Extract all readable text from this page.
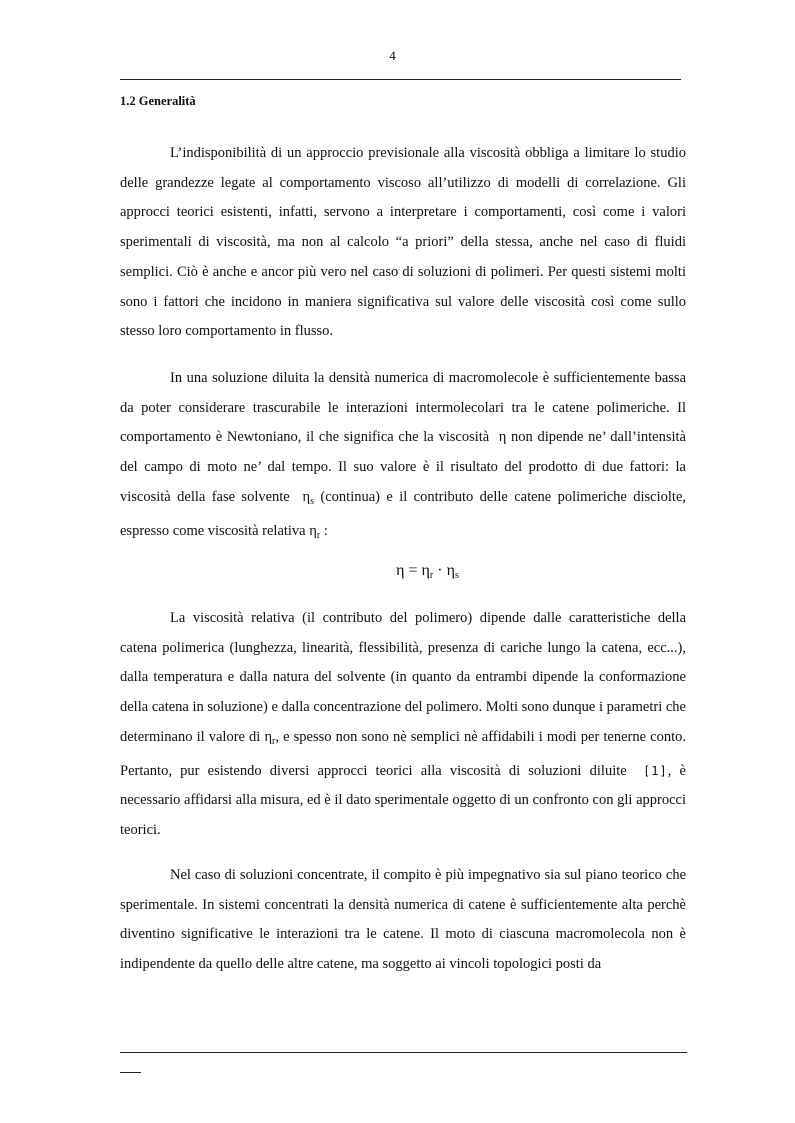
4
1.2 Generalità

L’indisponibilità di un approccio previsionale alla viscosità obbliga a limitare lo studio delle grandezze legate al comportamento viscoso all’utilizzo di modelli di correlazione. Gli approcci teorici esistenti, infatti, servono a interpretare i comportamenti, così come i valori sperimentali di viscosità, ma non al calcolo “a priori” della stessa, anche nel caso di fluidi semplici. Ciò è anche e ancor più vero nel caso di soluzioni di polimeri. Per questi sistemi molti sono i fattori che incidono in maniera significativa sul valore delle viscosità così come sullo stesso loro comportamento in flusso.

In una soluzione diluita la densità numerica di macromolecole è sufficientemente bassa da poter considerare trascurabile le interazioni intermolecolari tra le catene polimeriche. Il comportamento è Newtoniano, il che significa che la viscosità η non dipende ne’ dall’intensità del campo di moto ne’ dal tempo. Il suo valore è il risultato del prodotto di due fattori: la viscosità della fase solvente $\eta_s$ (continua) e il contributo delle catene polimeriche disciolte, espresso come viscosità relativa $\eta_r$ :

$\eta = \eta_r \cdot \eta_s$

La viscosità relativa (il contributo del polimero) dipende dalle caratteristiche della catena polimerica (lunghezza, linearità, flessibilità, presenza di cariche lungo la catena, ecc...), dalla temperatura e dalla natura del solvente (in quanto da entrambi dipende la conformazione della catena in soluzione) e dalla concentrazione del polimero. Molti sono dunque i parametri che determinano il valore di $\eta_r$, e spesso non sono nè semplici nè affidabili i modi per tenerne conto. Pertanto, pur esistendo diversi approcci teorici alla viscosità di soluzioni diluite [1], è necessario affidarsi alla misura, ed è il dato sperimentale oggetto di un confronto con gli approcci teorici.

Nel caso di soluzioni concentrate, il compito è più impegnativo sia sul piano teorico che sperimentale. In sistemi concentrati la densità numerica di catene è sufficientemente alta perchè diventino significative le interazioni tra le catene. Il moto di ciascuna macromolecola non è indipendente da quello delle altre catene, ma soggetto ai vincoli topologici posti da
